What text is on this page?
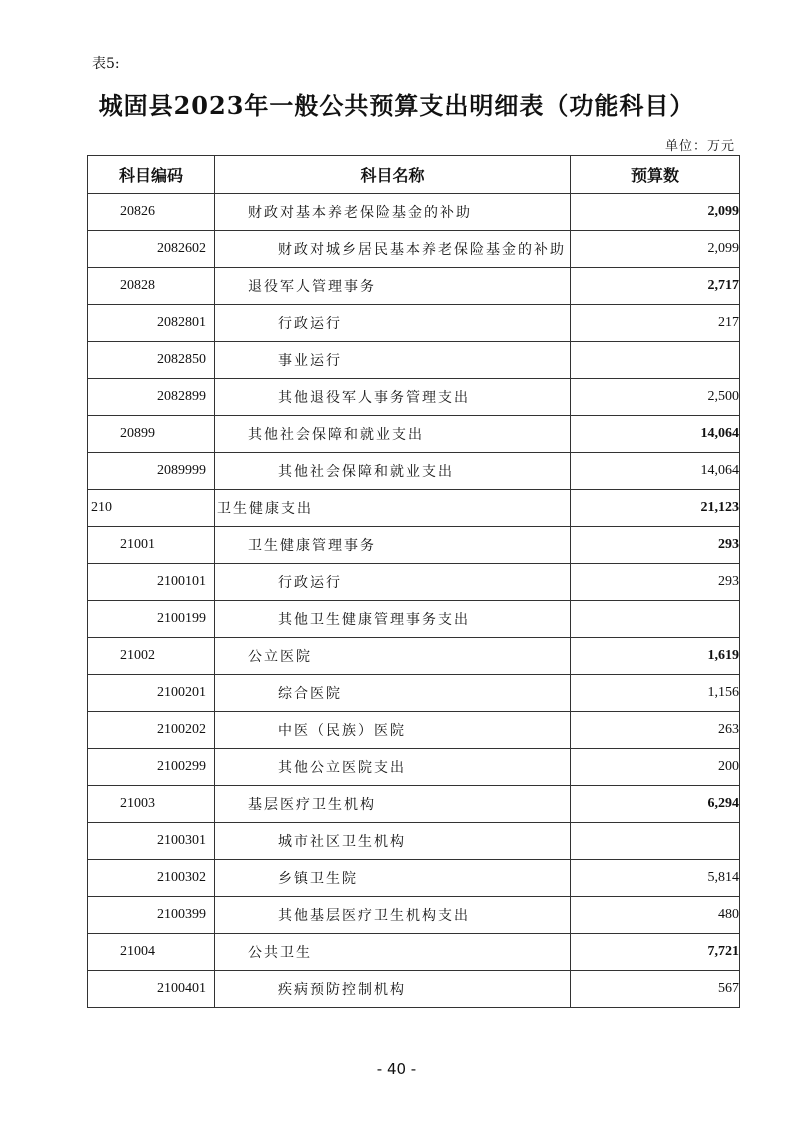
表5:
城固县2023年一般公共预算支出明细表（功能科目）
单位：万元
科目编码	科目名称	预算数
20826	财政对基本养老保险基金的补助	2,099
2082602	财政对城乡居民基本养老保险基金的补助	2,099
20828	退役军人管理事务	2,717
2082801	行政运行	217
2082850	事业运行	
2082899	其他退役军人事务管理支出	2,500
20899	其他社会保障和就业支出	14,064
2089999	其他社会保障和就业支出	14,064
210	卫生健康支出	21,123
21001	卫生健康管理事务	293
2100101	行政运行	293
2100199	其他卫生健康管理事务支出	
21002	公立医院	1,619
2100201	综合医院	1,156
2100202	中医（民族）医院	263
2100299	其他公立医院支出	200
21003	基层医疗卫生机构	6,294
2100301	城市社区卫生机构	
2100302	乡镇卫生院	5,814
2100399	其他基层医疗卫生机构支出	480
21004	公共卫生	7,721
2100401	疾病预防控制机构	567
- 40 -
